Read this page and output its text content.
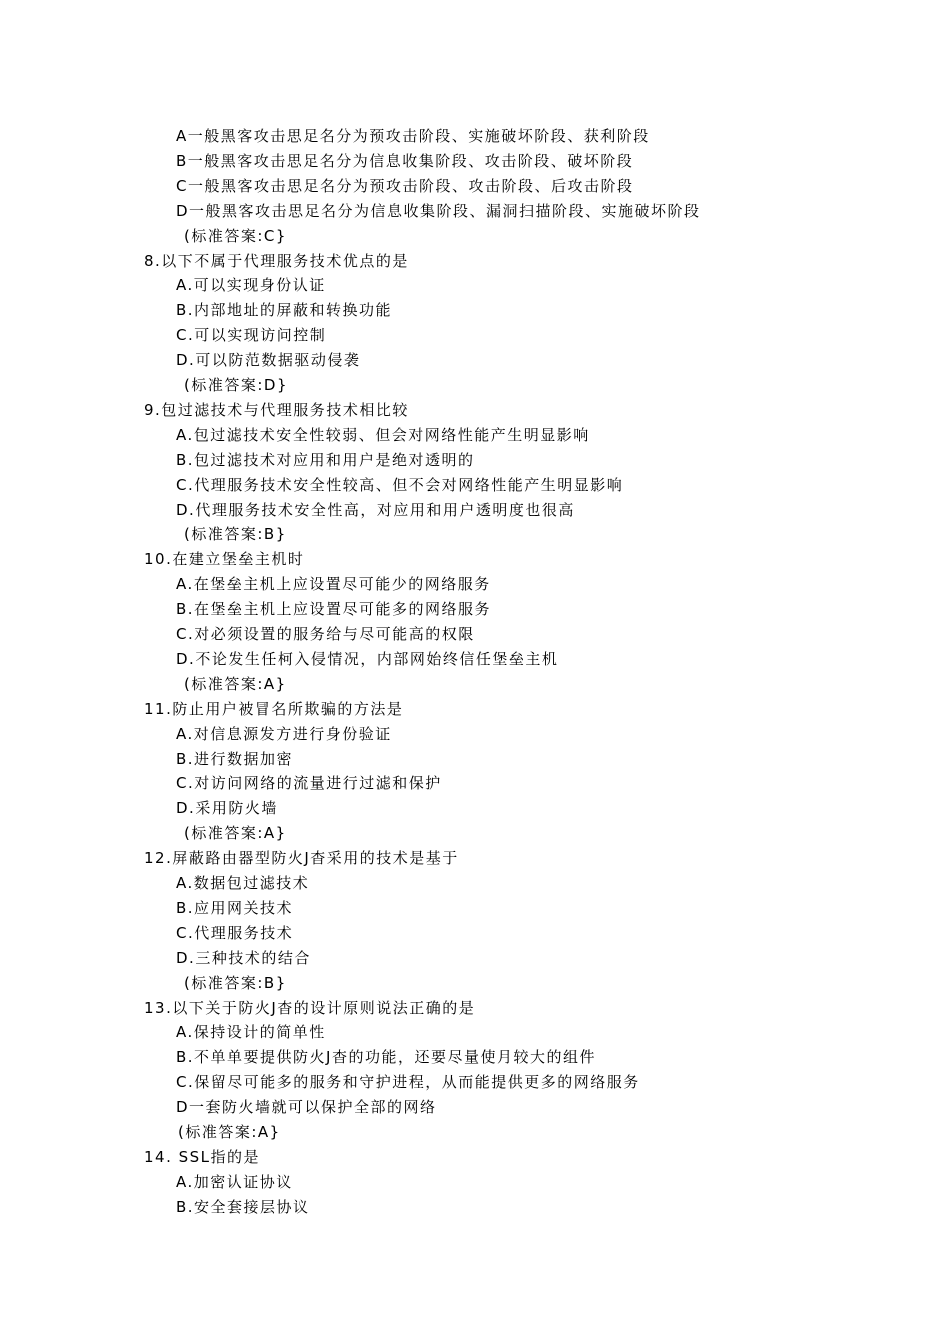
A一般黑客攻击思足名分为预攻击阶段、实施破坏阶段、获利阶段
B一般黑客攻击思足名分为信息收集阶段、攻击阶段、破坏阶段
C一般黑客攻击思足名分为预攻击阶段、攻击阶段、后攻击阶段
D一般黑客攻击思足名分为信息收集阶段、漏洞扫描阶段、实施破坏阶段
(标准答案:C}
8.以下不属于代理服务技术优点的是
A.可以实现身份认证
B.内部地址的屏蔽和转换功能
C.可以实现访问控制
D.可以防范数据驱动侵袭
(标准答案:D}
9.包过滤技术与代理服务技术相比较
A.包过滤技术安全性较弱、但会对网络性能产生明显影响
B.包过滤技术对应用和用户是绝对透明的
C.代理服务技术安全性较高、但不会对网络性能产生明显影响
D.代理服务技术安全性高，对应用和用户透明度也很高
(标准答案:B}
10.在建立堡垒主机时
A.在堡垒主机上应设置尽可能少的网络服务
B.在堡垒主机上应设置尽可能多的网络服务
C.对必须设置的服务给与尽可能高的权限
D.不论发生任柯入侵情况，内部网始终信任堡垒主机
(标准答案:A}
11.防止用户被冒名所欺骗的方法是
A.对信息源发方进行身份验证
B.进行数据加密
C.对访问网络的流量进行过滤和保护
D.采用防火墙
(标准答案:A}
12.屏蔽路由器型防火J杳采用的技术是基于
A.数据包过滤技术
B.应用网关技术
C.代理服务技术
D.三种技术的结合
(标准答案:B}
13.以下关于防火J杳的设计原则说法正确的是
A.保持设计的简单性
B.不单单要提供防火J杳的功能，还要尽量使月较大的组件
C.保留尽可能多的服务和守护进程，从而能提供更多的网络服务
D一套防火墙就可以保护全部的网络
(标准答案:A}
14. SSL指的是
A.加密认证协议
B.安全套接层协议
